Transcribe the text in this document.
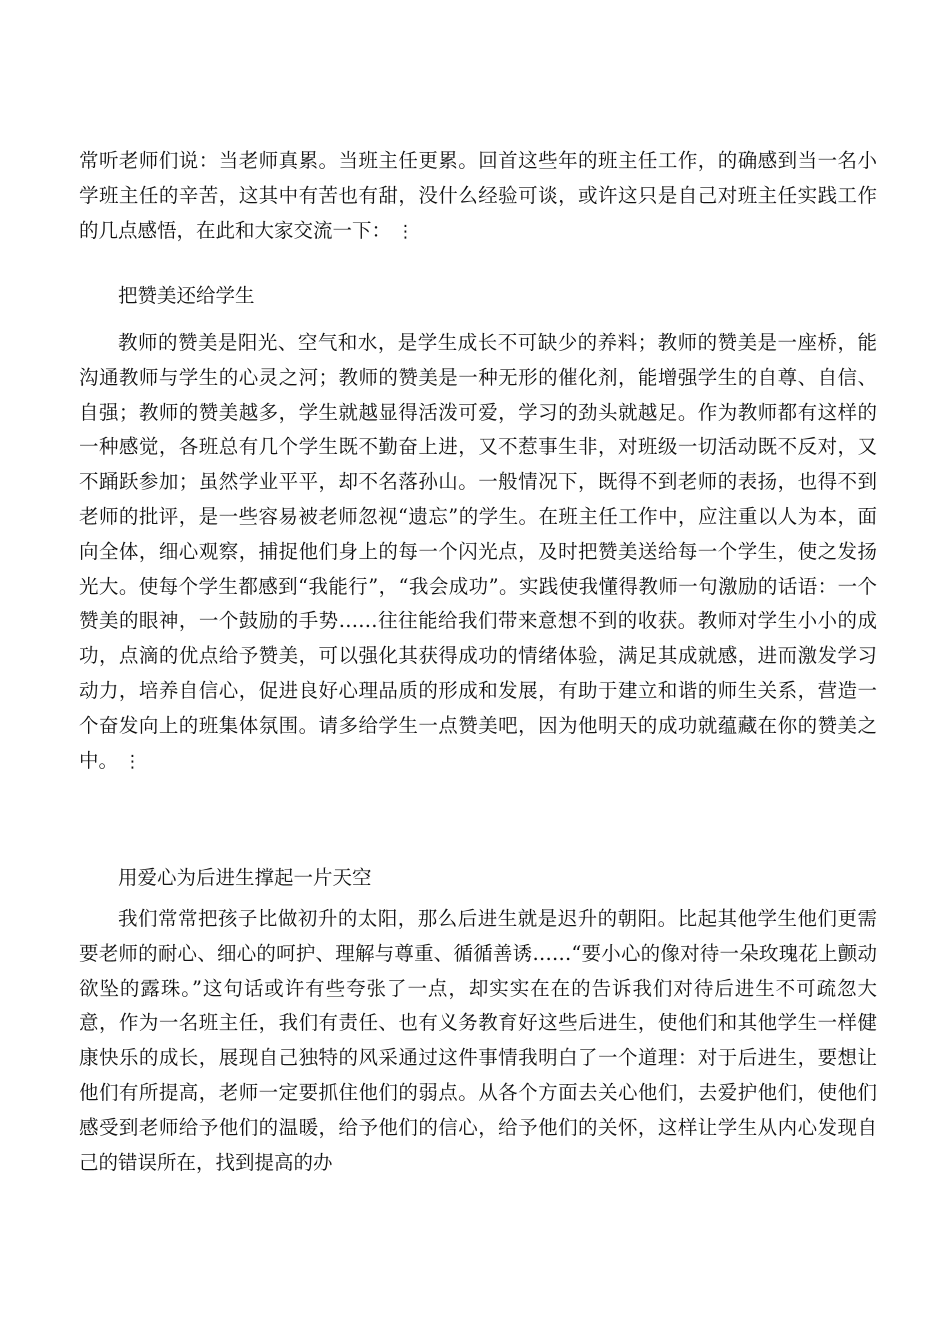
常听老师们说：当老师真累。当班主任更累。回首这些年的班主任工作，的确感到当一名小学班主任的辛苦，这其中有苦也有甜，没什么经验可谈，或许这只是自己对班主任实践工作的几点感悟，在此和大家交流一下： ⋮

把赞美还给学生

教师的赞美是阳光、空气和水，是学生成长不可缺少的养料；教师的赞美是一座桥，能沟通教师与学生的心灵之河；教师的赞美是一种无形的催化剂，能增强学生的自尊、自信、自强；教师的赞美越多，学生就越显得活泼可爱，学习的劲头就越足。作为教师都有这样的一种感觉，各班总有几个学生既不勤奋上进，又不惹事生非，对班级一切活动既不反对，又不踊跃参加；虽然学业平平，却不名落孙山。一般情况下，既得不到老师的表扬，也得不到老师的批评，是一些容易被老师忽视“遗忘”的学生。在班主任工作中，应注重以人为本，面向全体，细心观察，捕捉他们身上的每一个闪光点，及时把赞美送给每一个学生，使之发扬光大。使每个学生都感到“我能行”，“我会成功”。实践使我懂得教师一句激励的话语：一个赞美的眼神，一个鼓励的手势……往往能给我们带来意想不到的收获。教师对学生小小的成功，点滴的优点给予赞美，可以强化其获得成功的情绪体验，满足其成就感，进而激发学习动力，培养自信心，促进良好心理品质的形成和发展，有助于建立和谐的师生关系，营造一个奋发向上的班集体氛围。请多给学生一点赞美吧，因为他明天的成功就蕴藏在你的赞美之中。 ⋮

用爱心为后进生撑起一片天空

我们常常把孩子比做初升的太阳，那么后进生就是迟升的朝阳。比起其他学生他们更需要老师的耐心、细心的呵护、理解与尊重、循循善诱……“要小心的像对待一朵玫瑰花上颤动欲坠的露珠。”这句话或许有些夸张了一点，却实实在在的告诉我们对待后进生不可疏忽大意，作为一名班主任，我们有责任、也有义务教育好这些后进生，使他们和其他学生一样健康快乐的成长，展现自己独特的风采通过这件事情我明白了一个道理：对于后进生，要想让他们有所提高，老师一定要抓住他们的弱点。从各个方面去关心他们，去爱护他们，使他们感受到老师给予他们的温暖，给予他们的信心，给予他们的关怀，这样让学生从内心发现自己的错误所在，找到提高的办
